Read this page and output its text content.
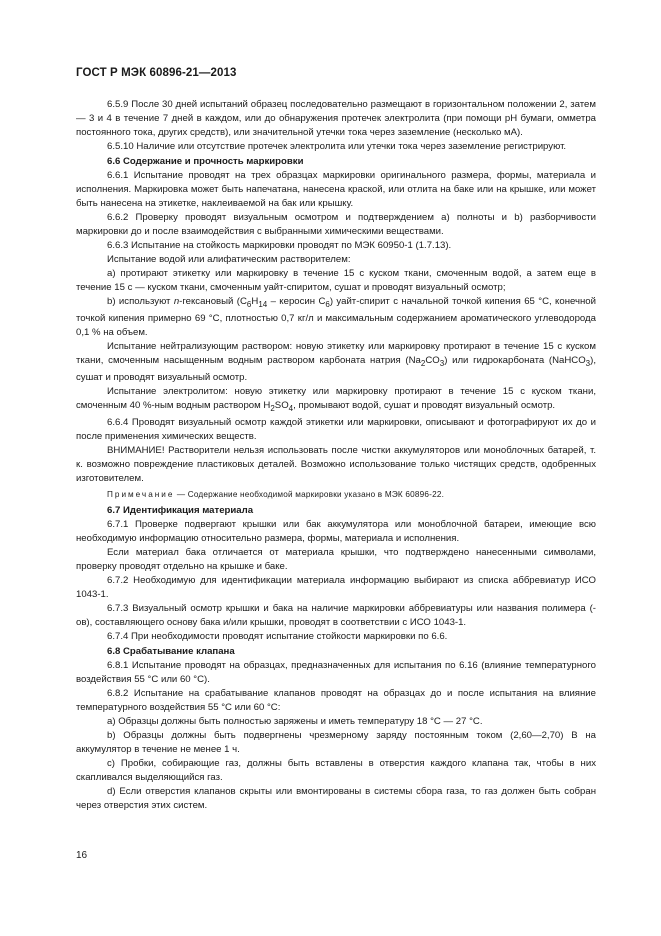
ГОСТ Р МЭК 60896-21—2013

6.5.9 После 30 дней испытаний образец последовательно размещают в горизонтальном положении 2, затем — 3 и 4 в течение 7 дней в каждом, или до обнаружения протечек электролита (при помощи pH бумаги, омметра постоянного тока, других средств), или значительной утечки тока через заземление (несколько мА).

6.5.10 Наличие или отсутствие протечек электролита или утечки тока через заземление регистрируют.

6.6 Содержание и прочность маркировки

6.6.1 Испытание проводят на трех образцах маркировки оригинального размера, формы, материала и исполнения. Маркировка может быть напечатана, нанесена краской, или отлита на баке или на крышке, или может быть нанесена на этикетке, наклеиваемой на бак или крышку.

6.6.2 Проверку проводят визуальным осмотром и подтверждением a) полноты и b) разборчивости маркировки до и после взаимодействия с выбранными химическими веществами.

6.6.3 Испытание на стойкость маркировки проводят по МЭК 60950-1 (1.7.13).

Испытание водой или алифатическим растворителем:

a) протирают этикетку или маркировку в течение 15 с куском ткани, смоченным водой, а затем еще в течение 15 с — куском ткани, смоченным уайт-спиритом, сушат и проводят визуальный осмотр;

b) используют n-гексановый ($C_6H_{14}$ – керосин $C_6$) уайт-спирит с начальной точкой кипения 65 °C, конечной точкой кипения примерно 69 °C, плотностью 0,7 кг/л и максимальным содержанием ароматического углеводорода 0,1 % на объем.

Испытание нейтрализующим раствором: новую этикетку или маркировку протирают в течение 15 с куском ткани, смоченным насыщенным водным раствором карбоната натрия $(Na_2CO_3)$ или гидрокарбоната (NaHCO$_3$), сушат и проводят визуальный осмотр.

Испытание электролитом: новую этикетку или маркировку протирают в течение 15 с куском ткани, смоченным 40 %-ным водным раствором $H_2SO_4$, промывают водой, сушат и проводят визуальный осмотр.

6.6.4 Проводят визуальный осмотр каждой этикетки или маркировки, описывают и фотографируют их до и после применения химических веществ.

ВНИМАНИЕ! Растворители нельзя использовать после чистки аккумуляторов или моноблочных батарей, т. к. возможно повреждение пластиковых деталей. Возможно использование только чистящих средств, одобренных изготовителем.

Примечание — Содержание необходимой маркировки указано в МЭК 60896-22.

6.7 Идентификация материала

6.7.1 Проверке подвергают крышки или бак аккумулятора или моноблочной батареи, имеющие всю необходимую информацию относительно размера, формы, материала и исполнения.

Если материал бака отличается от материала крышки, что подтверждено нанесенными символами, проверку проводят отдельно на крышке и баке.

6.7.2 Необходимую для идентификации материала информацию выбирают из списка аббревиатур ИСО 1043-1.

6.7.3 Визуальный осмотр крышки и бака на наличие маркировки аббревиатуры или названия полимера (-ов), составляющего основу бака и/или крышки, проводят в соответствии с ИСО 1043-1.

6.7.4 При необходимости проводят испытание стойкости маркировки по 6.6.

6.8 Срабатывание клапана

6.8.1 Испытание проводят на образцах, предназначенных для испытания по 6.16 (влияние температурного воздействия 55 °C или 60 °C).

6.8.2 Испытание на срабатывание клапанов проводят на образцах до и после испытания на влияние температурного воздействия 55 °C или 60 °C:

a) Образцы должны быть полностью заряжены и иметь температуру 18 °C — 27 °C.

b) Образцы должны быть подвергнены чрезмерному заряду постоянным током (2,60—2,70) В на аккумулятор в течение не менее 1 ч.

c) Пробки, собирающие газ, должны быть вставлены в отверстия каждого клапана так, чтобы в них скапливался выделяющийся газ.

d) Если отверстия клапанов скрыты или вмонтированы в системы сбора газа, то газ должен быть собран через отверстия этих систем.

16
